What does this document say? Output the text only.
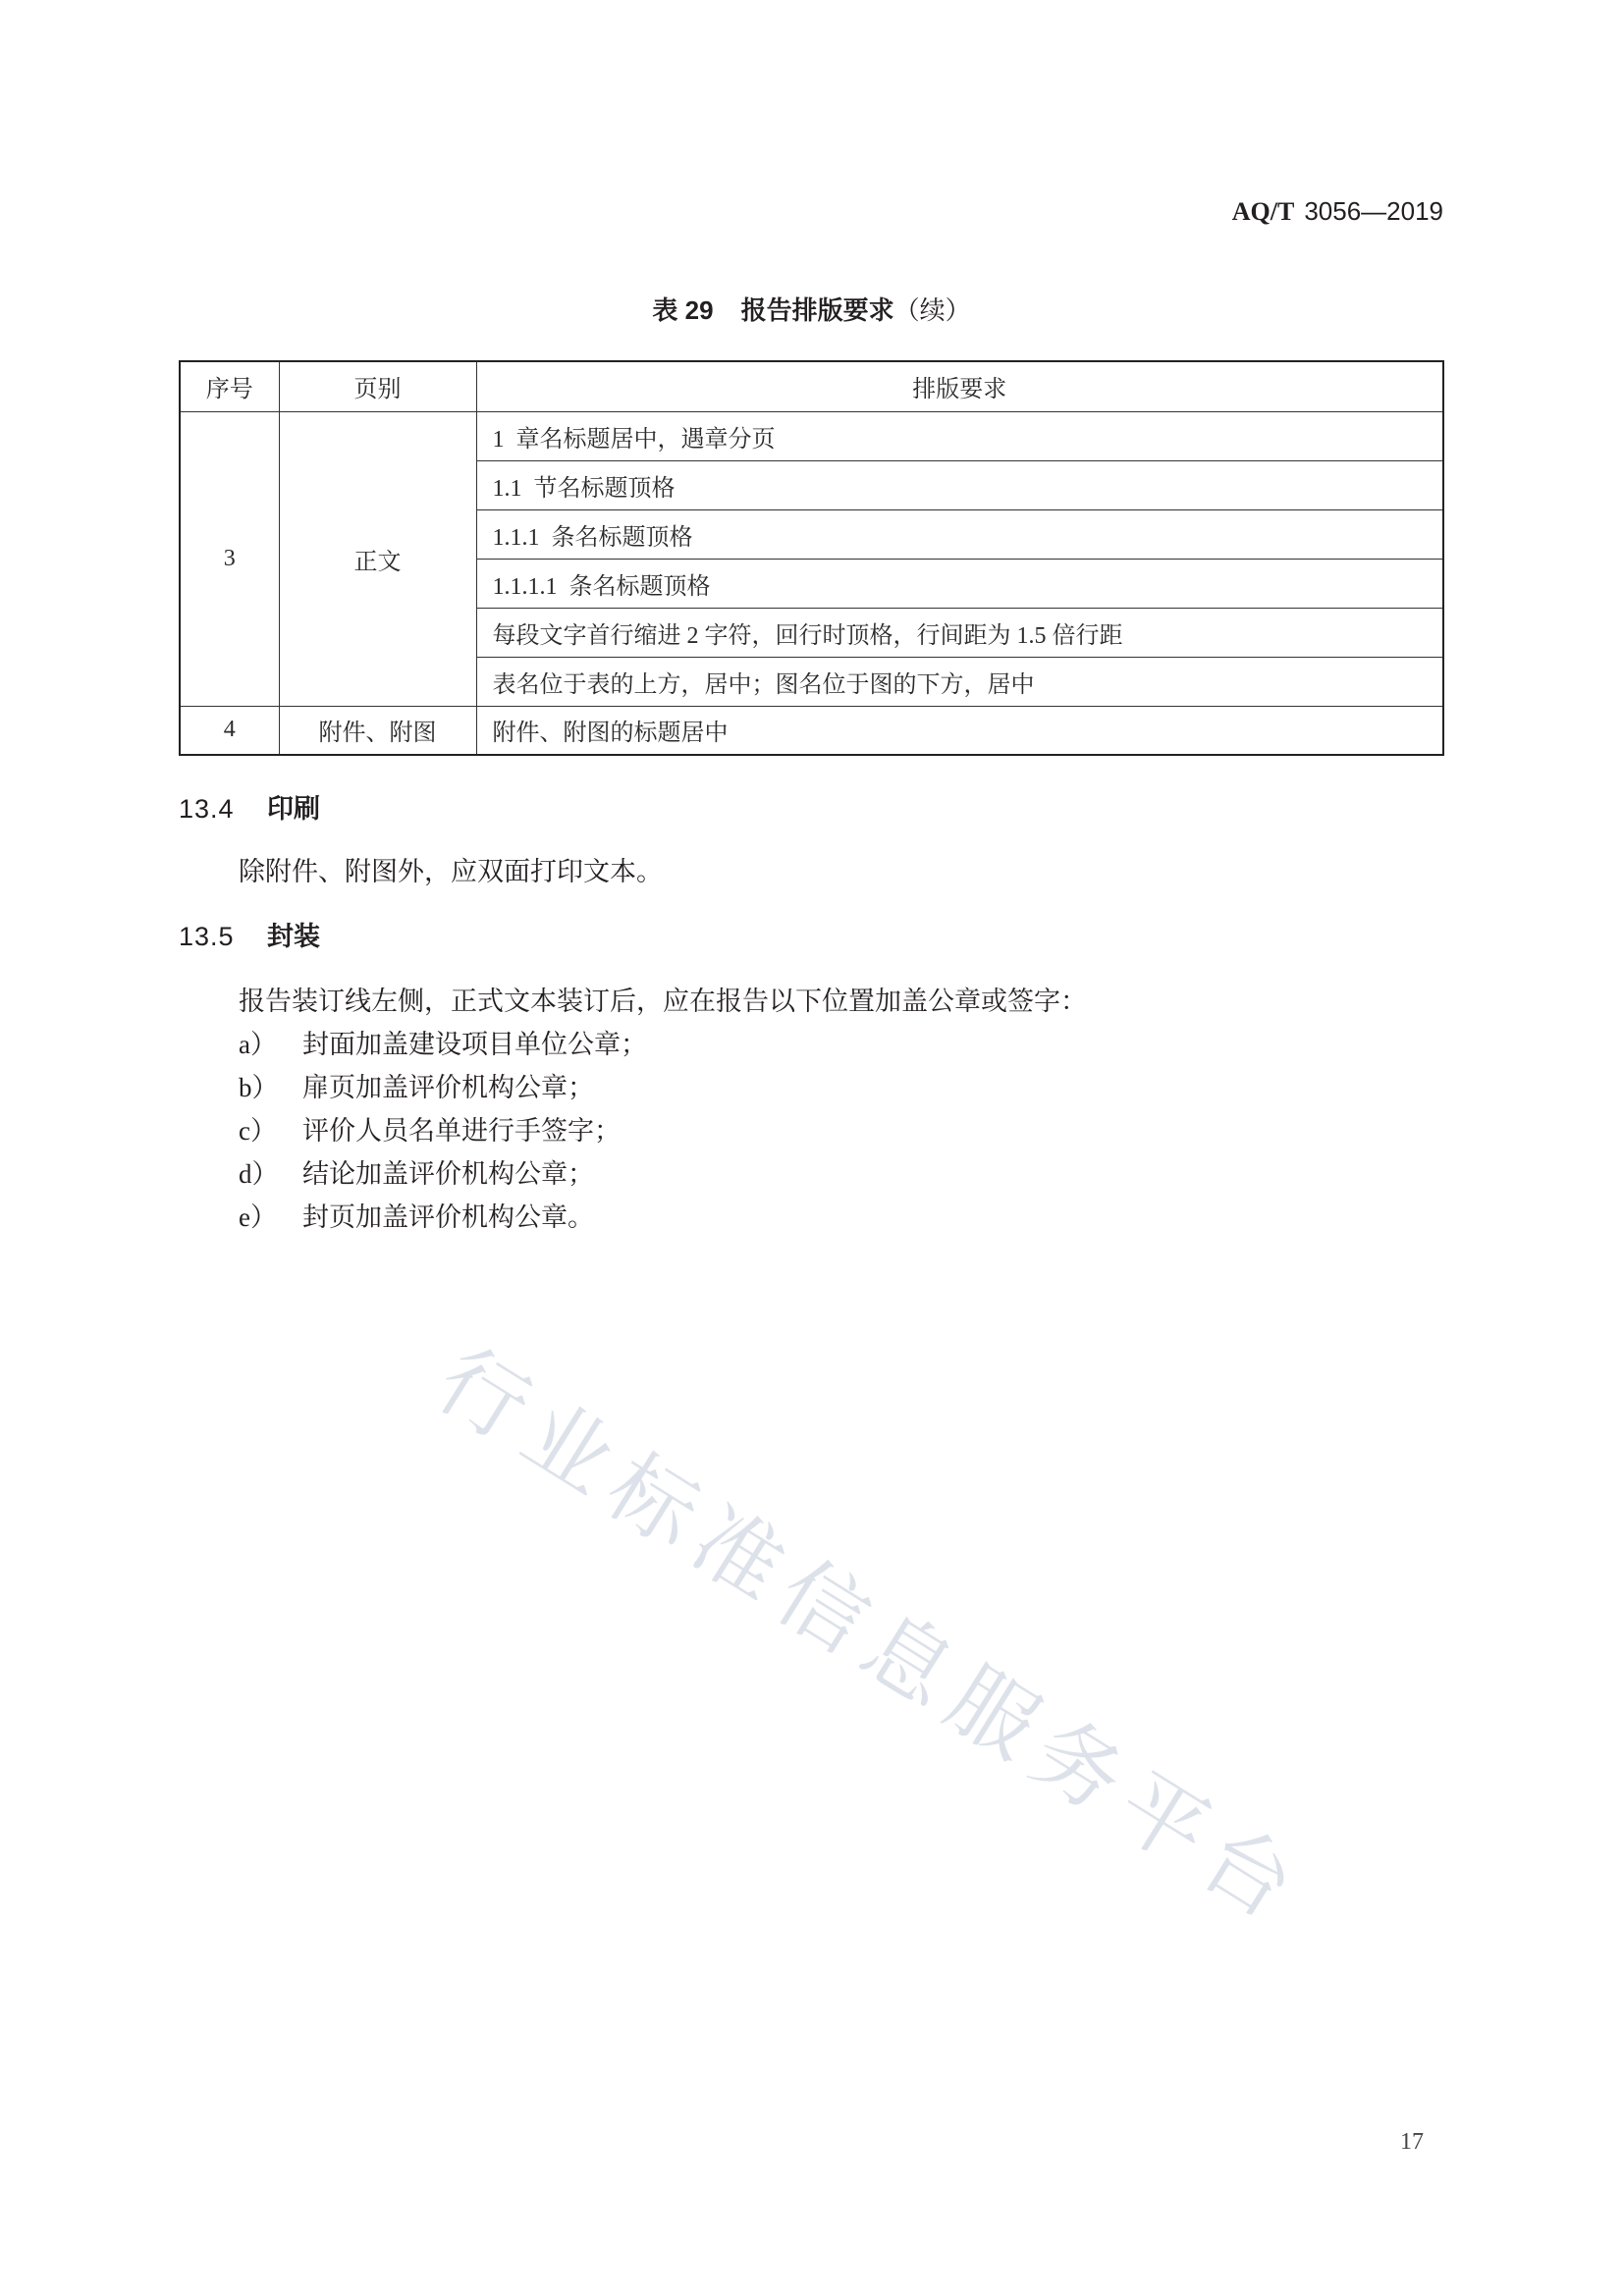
AQ/T 3056—2019
表 29 报告排版要求（续）
序号	页别	排版要求
3	正文	1  章名标题居中，遇章分页
		1.1  节名标题顶格
		1.1.1  条名标题顶格
		1.1.1.1  条名标题顶格
		每段文字首行缩进 2 字符，回行时顶格，行间距为 1.5 倍行距
		表名位于表的上方，居中；图名位于图的下方，居中
4	附件、附图	附件、附图的标题居中
13.4 印刷
除附件、附图外，应双面打印文本。
13.5 封装
报告装订线左侧，正式文本装订后，应在报告以下位置加盖公章或签字：
a） 封面加盖建设项目单位公章；
b） 扉页加盖评价机构公章；
c） 评价人员名单进行手签字；
d） 结论加盖评价机构公章；
e） 封页加盖评价机构公章。
行业标准信息服务平台
17
